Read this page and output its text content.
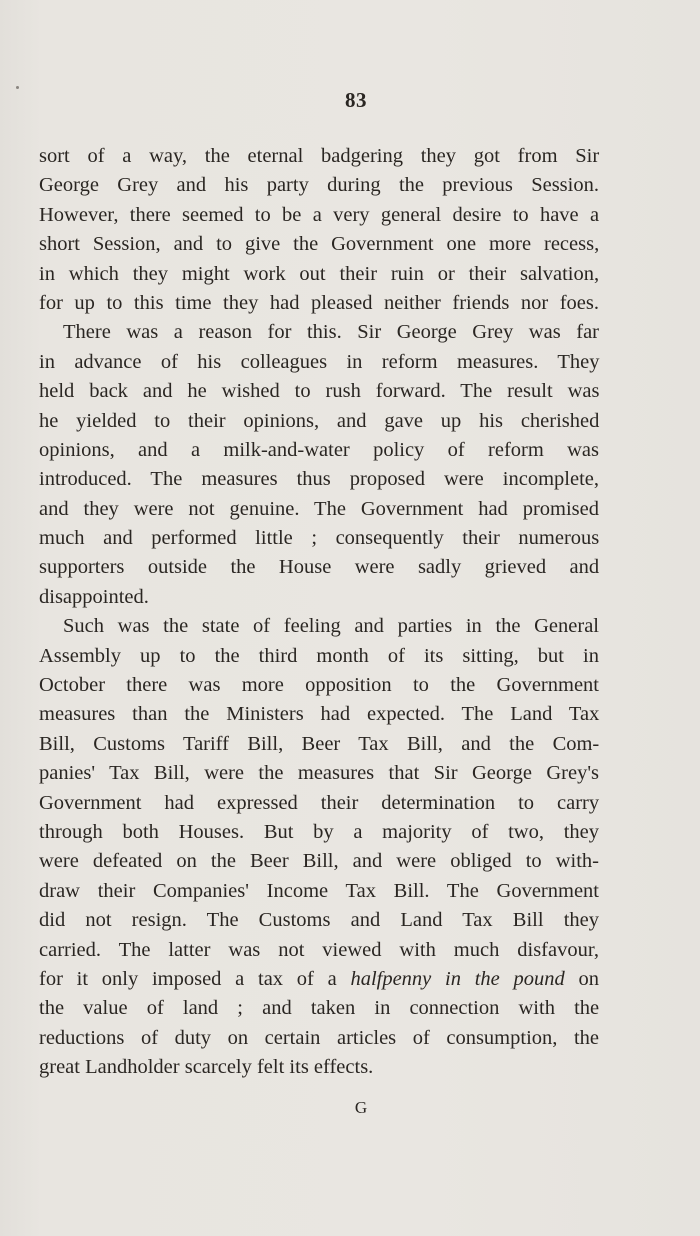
83
sort of a way, the eternal badgering they got from Sir
George Grey and his party during the previous Session.
However, there seemed to be a very general desire to have a
short Session, and to give the Government one more recess,
in which they might work out their ruin or their salvation,
for up to this time they had pleased neither friends nor foes.
There was a reason for this. Sir George Grey was far
in advance of his colleagues in reform measures. They
held back and he wished to rush forward. The result was
he yielded to their opinions, and gave up his cherished
opinions, and a milk-and-water policy of reform was
introduced. The measures thus proposed were incomplete,
and they were not genuine. The Government had promised
much and performed little ; consequently their numerous
supporters outside the House were sadly grieved and
disappointed.
Such was the state of feeling and parties in the General
Assembly up to the third month of its sitting, but in
October there was more opposition to the Government
measures than the Ministers had expected. The Land Tax
Bill, Customs Tariff Bill, Beer Tax Bill, and the Com-
panies' Tax Bill, were the measures that Sir George Grey's
Government had expressed their determination to carry
through both Houses. But by a majority of two, they
were defeated on the Beer Bill, and were obliged to with-
draw their Companies' Income Tax Bill. The Government
did not resign. The Customs and Land Tax Bill they
carried. The latter was not viewed with much disfavour,
for it only imposed a tax of a halfpenny in the pound on
the value of land ; and taken in connection with the
reductions of duty on certain articles of consumption, the
great Landholder scarcely felt its effects.
G
